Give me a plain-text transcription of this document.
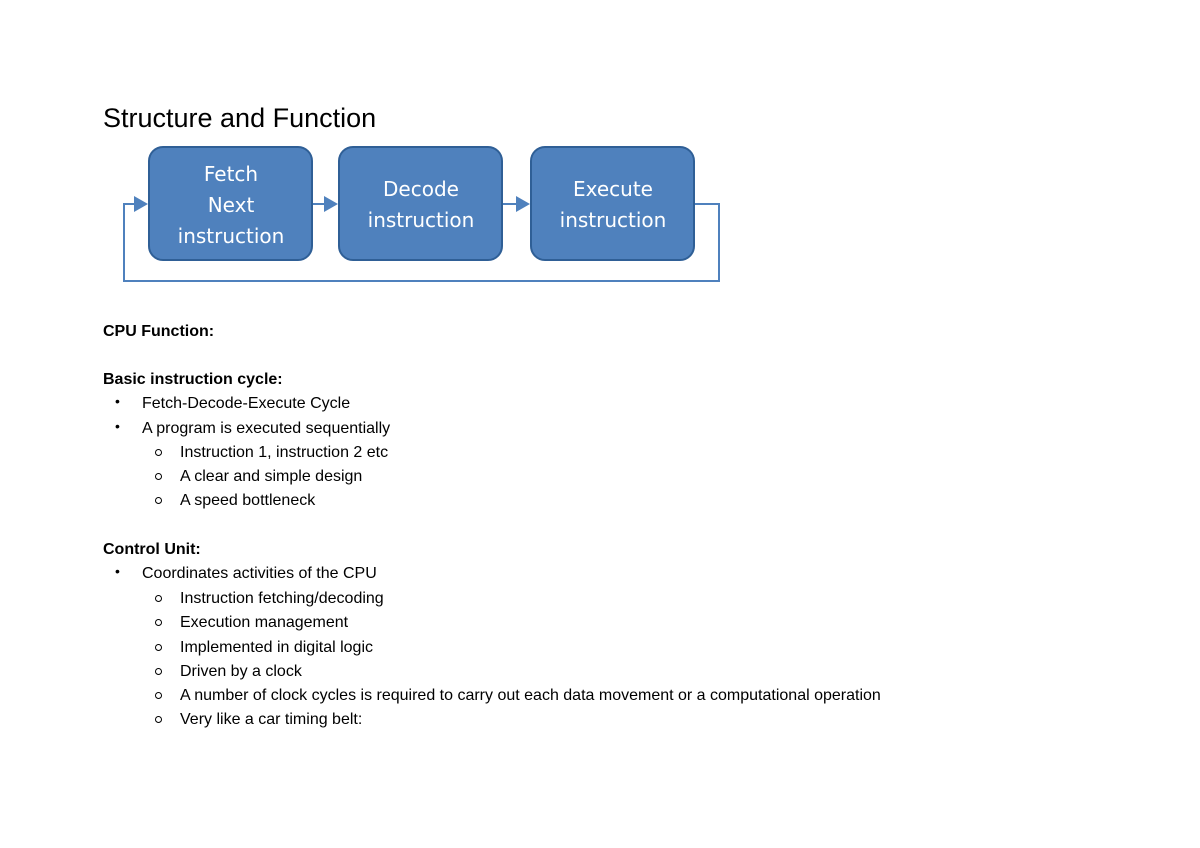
Structure and Function
Fetch
Next
instruction
Decode
instruction
Execute
instruction
CPU Function:
Basic instruction cycle:
• Fetch-Decode-Execute Cycle
• A program is executed sequentially
Instruction 1, instruction 2 etc
A clear and simple design
A speed bottleneck
Control Unit:
• Coordinates activities of the CPU
Instruction fetching/decoding
Execution management
Implemented in digital logic
Driven by a clock
A number of clock cycles is required to carry out each data movement or a computational operation
Very like a car timing belt:
